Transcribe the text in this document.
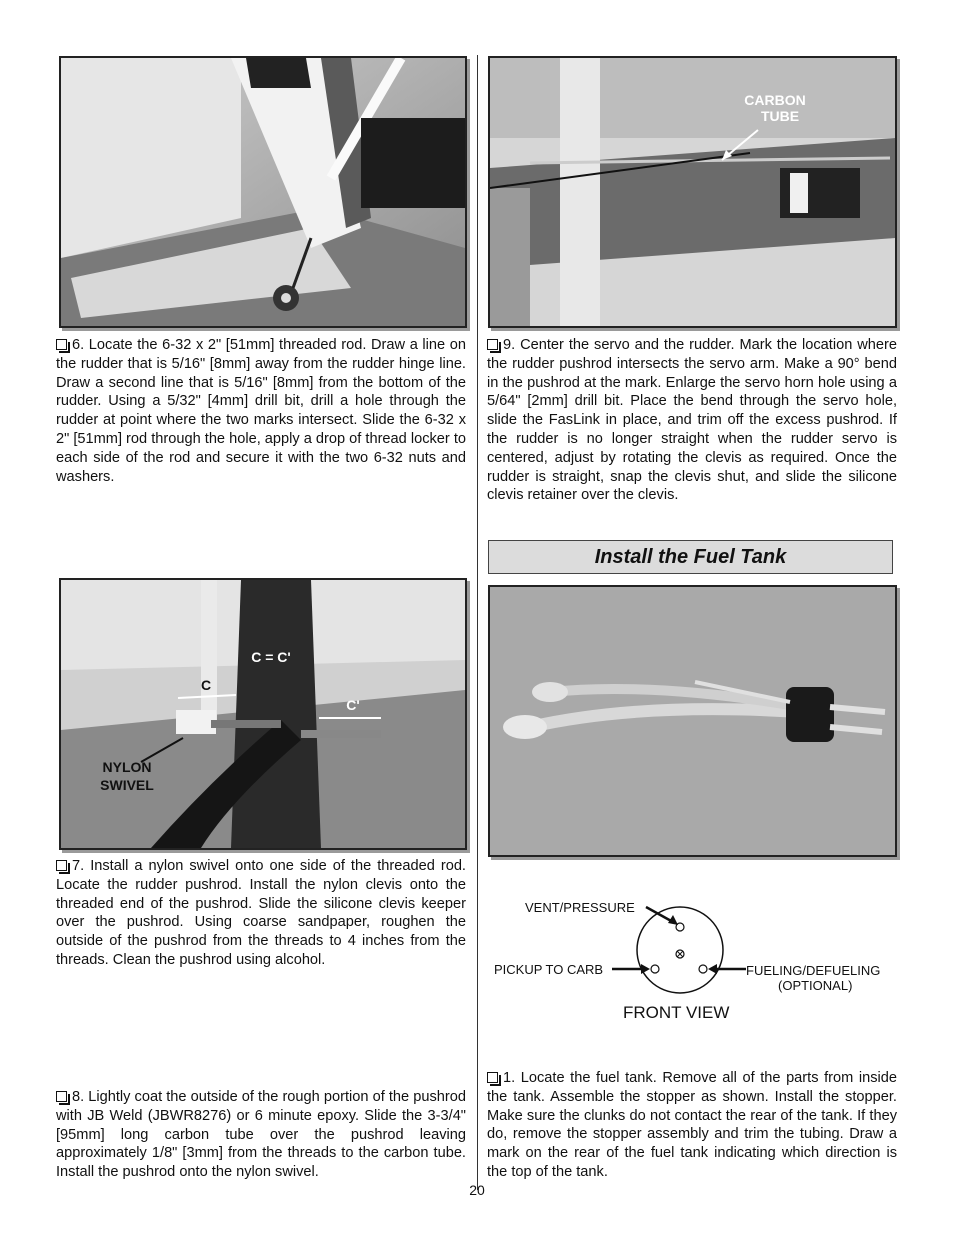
CARBON
TUBE

6. Locate the 6-32 x 2" [51mm] threaded rod. Draw a line on the rudder that is 5/16" [8mm] away from the rudder hinge line. Draw a second line that is 5/16" [8mm] from the bottom of the rudder. Using a 5/32" [4mm] drill bit, drill a hole through the rudder at point where the two marks intersect. Slide the 6-32 x 2" [51mm] rod through the hole, apply a drop of thread locker to each side of the rod and secure it with the two 6-32 nuts and washers.

9. Center the servo and the rudder. Mark the location where the rudder pushrod intersects the servo arm. Make a 90° bend in the pushrod at the mark. Enlarge the servo horn hole using a 5/64" [2mm] drill bit. Place the bend through the servo hole, slide the FasLink in place, and trim off the excess pushrod. If the rudder is no longer straight when the rudder servo is centered, adjust by rotating the clevis as required. Once the rudder is straight, snap the clevis shut, and slide the silicone clevis retainer over the clevis.

C = C'
C
C'
NYLON
SWIVEL
Install the Fuel Tank
VENT/PRESSURE
PICKUP TO CARB	FUELING/DEFUELING
(OPTIONAL)
FRONT VIEW

7. Install a nylon swivel onto one side of the threaded rod. Locate the rudder pushrod. Install the nylon clevis onto the threaded end of the pushrod. Slide the silicone clevis keeper over the pushrod. Using coarse sandpaper, roughen the outside of the pushrod from the threads to 4 inches from the threads. Clean the pushrod using alcohol.

8. Lightly coat the outside of the rough portion of the pushrod with JB Weld (JBWR8276) or 6 minute epoxy. Slide the 3-3/4" [95mm] long carbon tube over the pushrod leaving approximately 1/8" [3mm] from the threads to the carbon tube. Install the pushrod onto the nylon swivel.

1. Locate the fuel tank. Remove all of the parts from inside the tank. Assemble the stopper as shown. Install the stopper. Make sure the clunks do not contact the rear of the tank. If they do, remove the stopper assembly and trim the tubing. Draw a mark on the rear of the fuel tank indicating which direction is the top of the tank.

20
